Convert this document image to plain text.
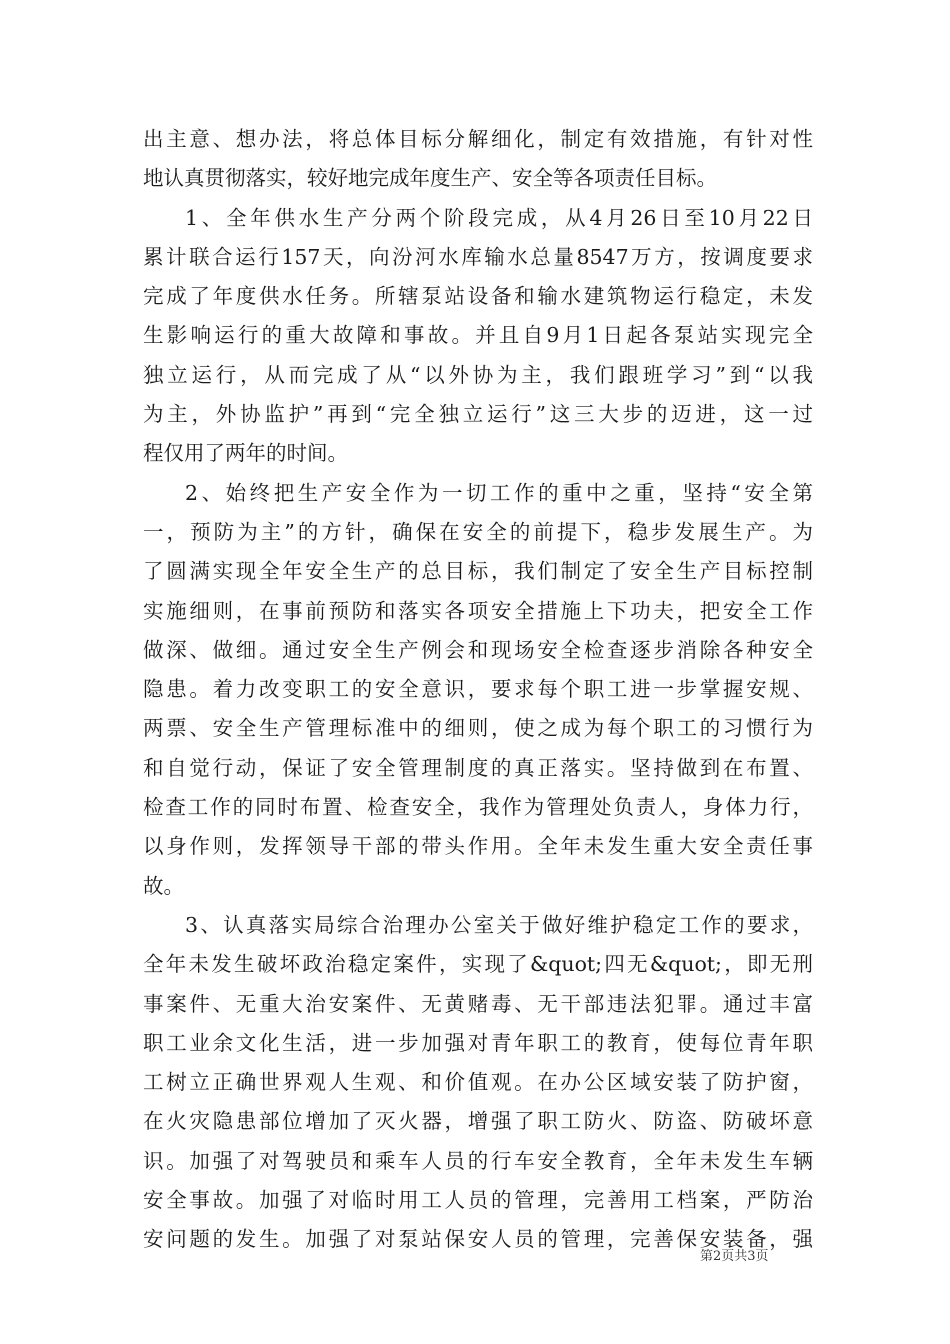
出主意、想办法，将总体目标分解细化，制定有效措施，有针对性
地认真贯彻落实，较好地完成年度生产、安全等各项责任目标。
1、全年供水生产分两个阶段完成，从4月26日至10月22日
累计联合运行157天，向汾河水库输水总量8547万方，按调度要求
完成了年度供水任务。所辖泵站设备和输水建筑物运行稳定，未发
生影响运行的重大故障和事故。并且自9月1日起各泵站实现完全
独立运行，从而完成了从“以外协为主，我们跟班学习”到“以我
为主，外协监护”再到“完全独立运行”这三大步的迈进，这一过
程仅用了两年的时间。
2、始终把生产安全作为一切工作的重中之重，坚持“安全第
一，预防为主”的方针，确保在安全的前提下，稳步发展生产。为
了圆满实现全年安全生产的总目标，我们制定了安全生产目标控制
实施细则，在事前预防和落实各项安全措施上下功夫，把安全工作
做深、做细。通过安全生产例会和现场安全检查逐步消除各种安全
隐患。着力改变职工的安全意识，要求每个职工进一步掌握安规、
两票、安全生产管理标准中的细则，使之成为每个职工的习惯行为
和自觉行动，保证了安全管理制度的真正落实。坚持做到在布置、
检查工作的同时布置、检查安全，我作为管理处负责人，身体力行，
以身作则，发挥领导干部的带头作用。全年未发生重大安全责任事
故。
3、认真落实局综合治理办公室关于做好维护稳定工作的要求，
全年未发生破坏政治稳定案件，实现了&quot;四无&quot;，即无刑
事案件、无重大治安案件、无黄赌毒、无干部违法犯罪。通过丰富
职工业余文化生活，进一步加强对青年职工的教育，使每位青年职
工树立正确世界观人生观、和价值观。在办公区域安装了防护窗，
在火灾隐患部位增加了灭火器，增强了职工防火、防盗、防破坏意
识。加强了对驾驶员和乘车人员的行车安全教育，全年未发生车辆
安全事故。加强了对临时用工人员的管理，完善用工档案，严防治
安问题的发生。加强了对泵站保安人员的管理，完善保安装备，强
第2页共3页
